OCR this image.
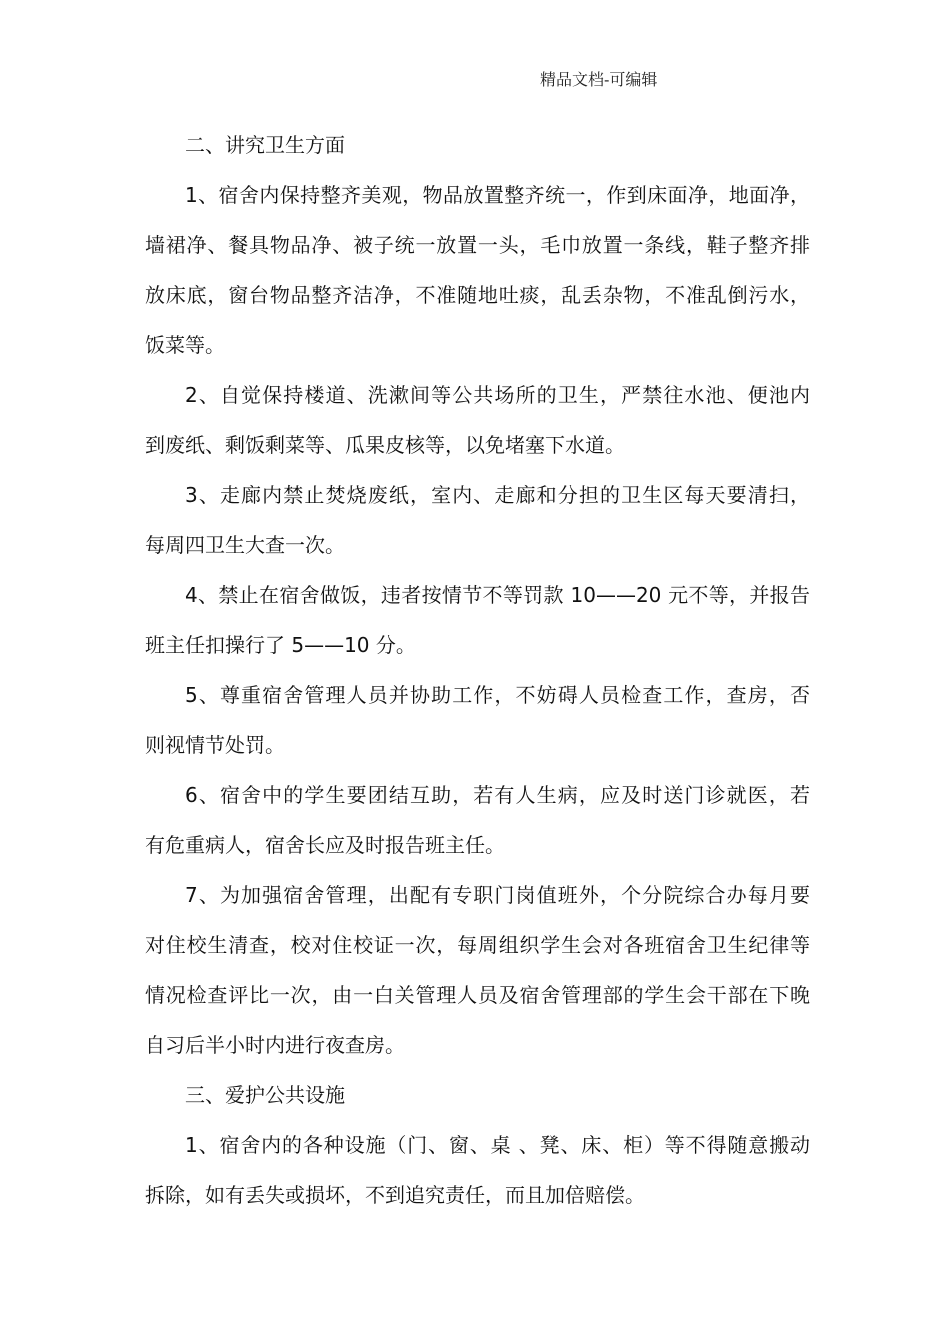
精品文档-可编辑

二、讲究卫生方面

1、宿舍内保持整齐美观，物品放置整齐统一，作到床面净，地面净，
墙裙净、餐具物品净、被子统一放置一头，毛巾放置一条线，鞋子整齐排
放床底，窗台物品整齐洁净，不准随地吐痰，乱丢杂物，不准乱倒污水，
饭菜等。

2、自觉保持楼道、洗漱间等公共场所的卫生，严禁往水池、便池内
到废纸、剩饭剩菜等、瓜果皮核等，以免堵塞下水道。

3、走廊内禁止焚烧废纸，室内、走廊和分担的卫生区每天要清扫，
每周四卫生大查一次。

4、禁止在宿舍做饭，违者按情节不等罚款 10——20 元不等，并报告
班主任扣操行了 5——10 分。

5、尊重宿舍管理人员并协助工作，不妨碍人员检查工作，查房，否
则视情节处罚。

6、宿舍中的学生要团结互助，若有人生病，应及时送门诊就医，若
有危重病人，宿舍长应及时报告班主任。

7、为加强宿舍管理，出配有专职门岗值班外，个分院综合办每月要
对住校生清查，校对住校证一次，每周组织学生会对各班宿舍卫生纪律等
情况检查评比一次，由一白关管理人员及宿舍管理部的学生会干部在下晚
自习后半小时内进行夜查房。

三、爱护公共设施

1、宿舍内的各种设施（门、窗、桌 、凳、床、柜）等不得随意搬动
拆除，如有丢失或损坏，不到追究责任，而且加倍赔偿。
